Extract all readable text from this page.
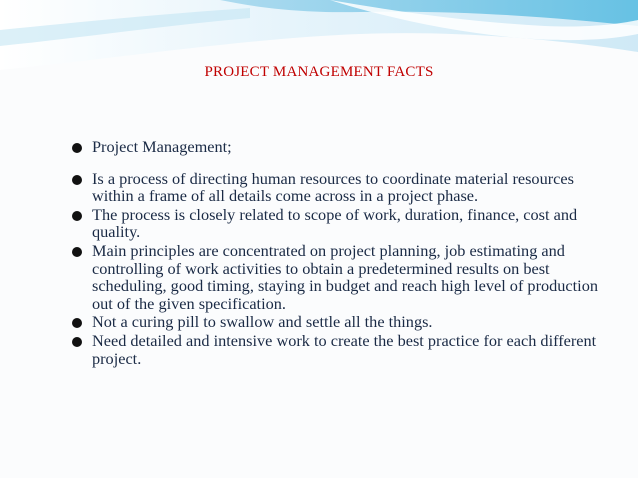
PROJECT MANAGEMENT FACTS
Project Management;
Is a process of directing human resources to coordinate material resources within a frame of all details come across in a project phase.
The process is closely related to scope of work, duration, finance, cost and quality.
Main principles are concentrated on project planning, job estimating and controlling of work activities to obtain a predetermined results on best scheduling, good timing, staying in budget and reach high level of production out of the given specification.
Not a curing pill to swallow and settle all the things.
Need detailed and intensive work to create the best practice for each different project.
